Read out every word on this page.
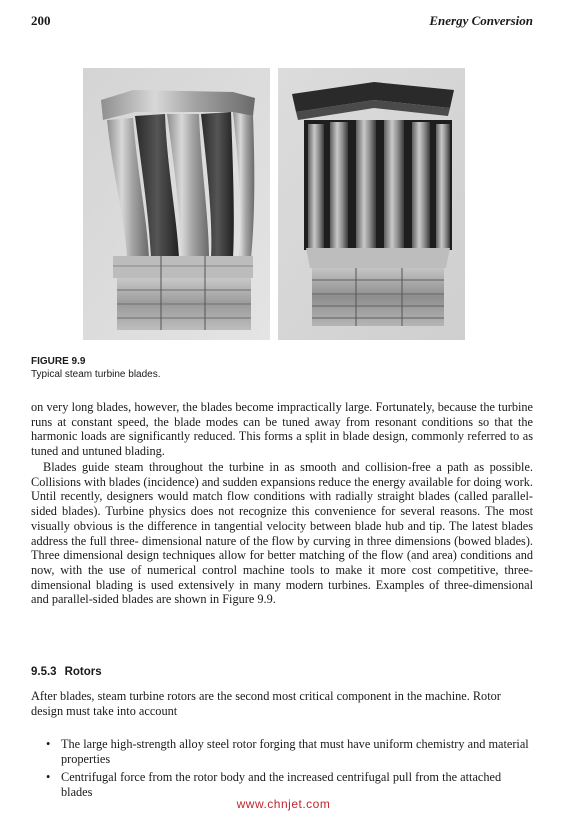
200	Energy Conversion
FIGURE 9.9
Typical steam turbine blades.

on very long blades, however, the blades become impractically large. Fortunately, because the turbine runs at constant speed, the blade modes can be tuned away from resonant conditions so that the harmonic loads are significantly reduced. This forms a split in blade design, commonly referred to as tuned and untuned blading.

Blades guide steam throughout the turbine in as smooth and collision-free a path as possible. Collisions with blades (incidence) and sudden expansions reduce the energy available for doing work. Until recently, designers would match flow conditions with radially straight blades (called parallel-sided blades). Turbine physics does not recognize this convenience for several reasons. The most visually obvious is the difference in tangential velocity between blade hub and tip. The latest blades address the full three- dimensional nature of the flow by curving in three dimensions (bowed blades). Three dimensional design techniques allow for better matching of the flow (and area) conditions and now, with the use of numerical control machine tools to make it more cost competitive, three-dimensional blading is used extensively in many modern turbines. Examples of three-dimensional and parallel-sided blades are shown in Figure 9.9.

9.5.3 Rotors

After blades, steam turbine rotors are the second most critical component in the machine. Rotor design must take into account

• The large high-strength alloy steel rotor forging that must have uniform chemistry and material properties
• Centrifugal force from the rotor body and the increased centrifugal pull from the attached blades
www.chnjet.com
